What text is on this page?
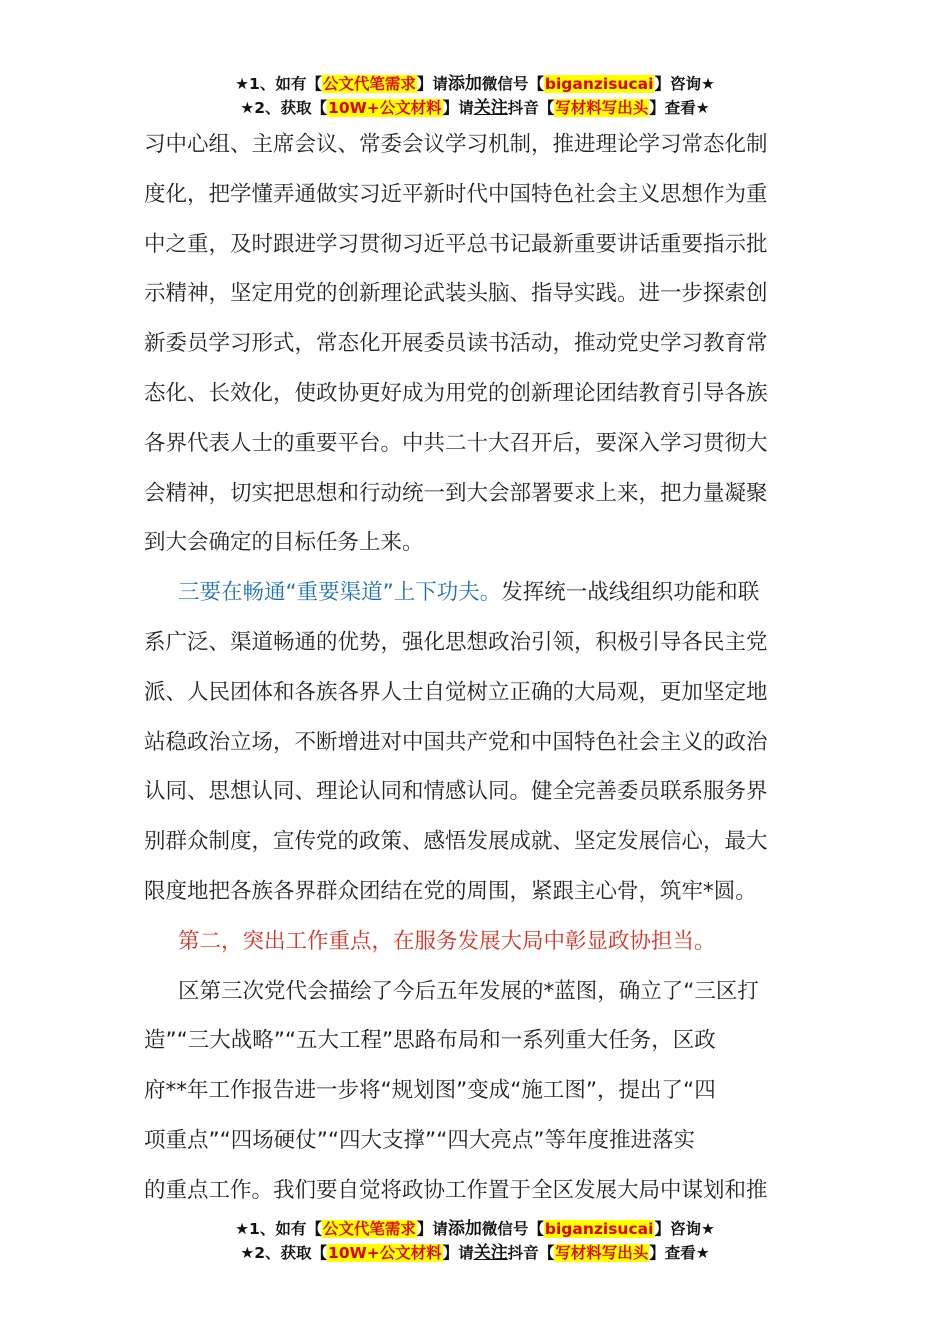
★1、如有【公文代笔需求】请添加微信号【biganzisucai】咨询★
★2、获取【10W+公文材料】请关注抖音【写材料写出头】查看★

习中心组、主席会议、常委会议学习机制，推进理论学习常态化制

度化，把学懂弄通做实习近平新时代中国特色社会主义思想作为重

中之重，及时跟进学习贯彻习近平总书记最新重要讲话重要指示批

示精神，坚定用党的创新理论武装头脑、指导实践。进一步探索创

新委员学习形式，常态化开展委员读书活动，推动党史学习教育常

态化、长效化，使政协更好成为用党的创新理论团结教育引导各族

各界代表人士的重要平台。中共二十大召开后，要深入学习贯彻大

会精神，切实把思想和行动统一到大会部署要求上来，把力量凝聚

到大会确定的目标任务上来。

三要在畅通“重要渠道”上下功夫。发挥统一战线组织功能和联

系广泛、渠道畅通的优势，强化思想政治引领，积极引导各民主党

派、人民团体和各族各界人士自觉树立正确的大局观，更加坚定地

站稳政治立场，不断增进对中国共产党和中国特色社会主义的政治

认同、思想认同、理论认同和情感认同。健全完善委员联系服务界

别群众制度，宣传党的政策、感悟发展成就、坚定发展信心，最大

限度地把各族各界群众团结在党的周围，紧跟主心骨，筑牢*圆。

第二，突出工作重点，在服务发展大局中彰显政协担当。

区第三次党代会描绘了今后五年发展的*蓝图，确立了“三区打

造”“三大战略”“五大工程”思路布局和一系列重大任务，区政

府**年工作报告进一步将“规划图”变成“施工图”，提出了“四

项重点”“四场硬仗”“四大支撑”“四大亮点”等年度推进落实

的重点工作。我们要自觉将政协工作置于全区发展大局中谋划和推

★1、如有【公文代笔需求】请添加微信号【biganzisucai】咨询★
★2、获取【10W+公文材料】请关注抖音【写材料写出头】查看★
